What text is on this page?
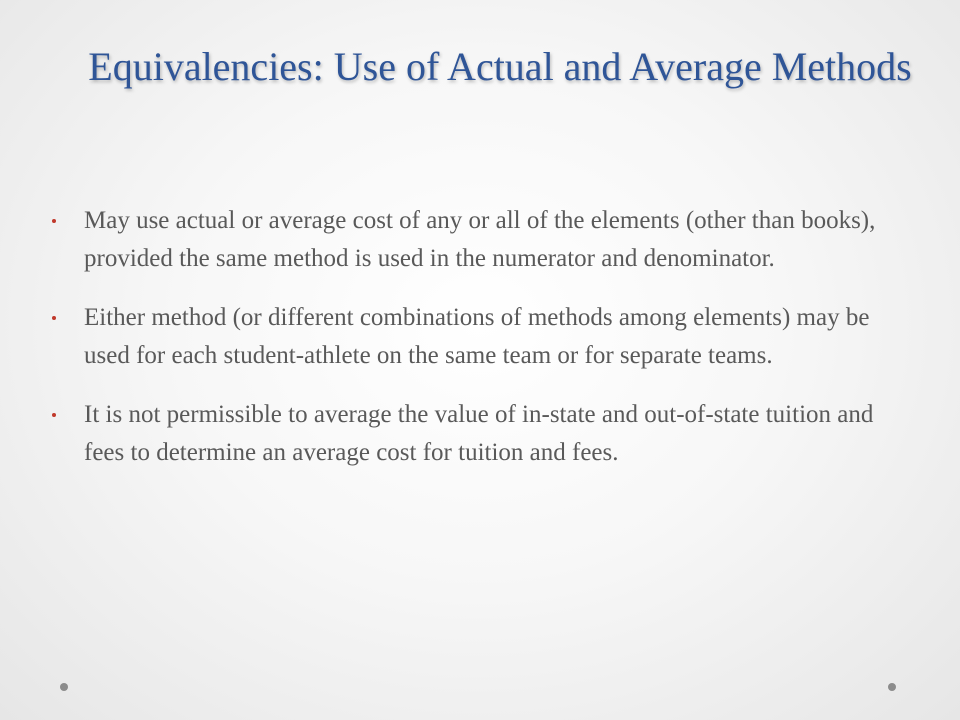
Equivalencies: Use of Actual and Average Methods
May use actual or average cost of any or all of the elements (other than books), provided the same method is used in the numerator and denominator.
Either method (or different combinations of methods among elements) may be used for each student-athlete on the same team or for separate teams.
It is not permissible to average the value of in-state and out-of-state tuition and fees to determine an average cost for tuition and fees.
